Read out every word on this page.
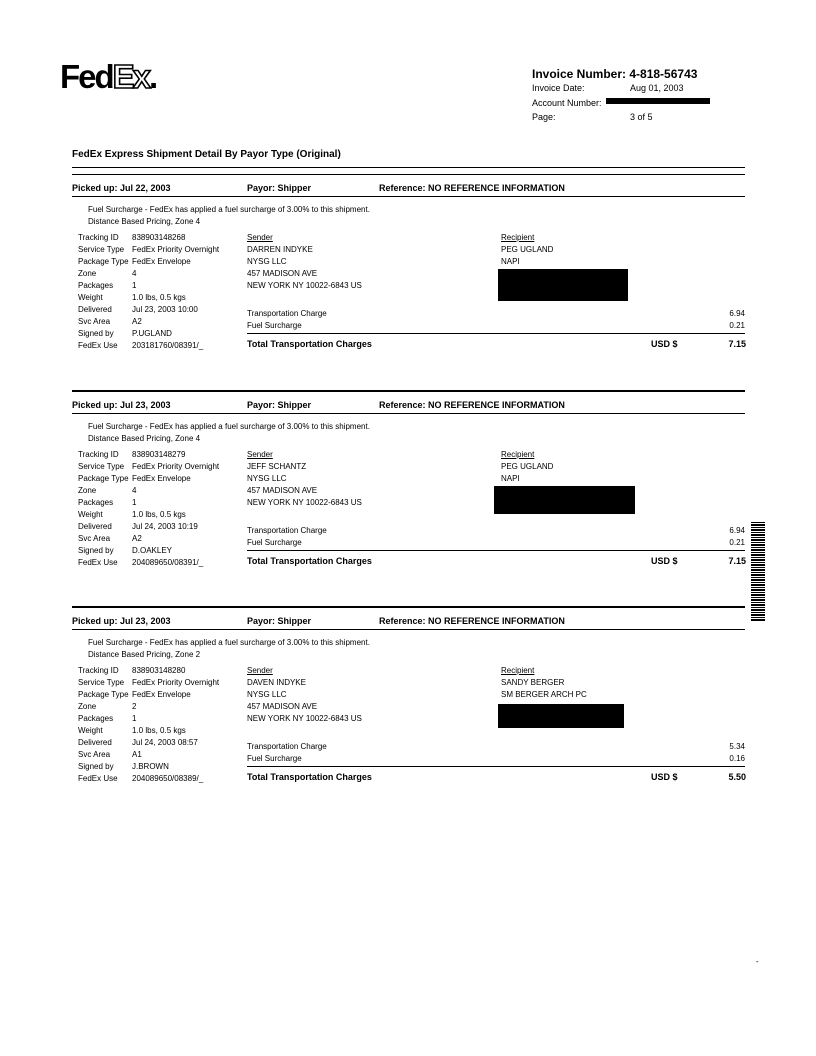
FedEx.	Invoice Number: 4-818-56743
Invoice Date:	Aug 01, 2003
Account Number:
Page:	3 of 5
FedEx Express Shipment Detail By Payor Type (Original)
Picked up: Jul 22, 2003	Payor: Shipper	Reference: NO REFERENCE INFORMATION
Fuel Surcharge - FedEx has applied a fuel surcharge of 3.00% to this shipment.
Distance Based Pricing, Zone 4
Tracking ID 838903148268
Service Type FedEx Priority Overnight
Package Type FedEx Envelope
Zone	4
Packages 1
Weight	1.0 lbs, 0.5 kgs
Delivered	Jul 23, 2003 10:00
Svc Area	A2
Signed by P.UGLAND
FedEx Use 203181760/08391/_
Sender
DARREN INDYKE
NYSG LLC
457 MADISON AVE
NEW YORK NY 10022-6843 US
Recipient
PEG UGLAND
NAPI
Transportation Charge	6.94
Fuel Surcharge	0.21
Total Transportation Charges	USD $	7.15
Picked up: Jul 23, 2003	Payor: Shipper	Reference: NO REFERENCE INFORMATION
Fuel Surcharge - FedEx has applied a fuel surcharge of 3.00% to this shipment.
Distance Based Pricing, Zone 4
Tracking ID 838903148279
Service Type FedEx Priority Overnight
Package Type FedEx Envelope
Zone	4
Packages 1
Weight	1.0 lbs, 0.5 kgs
Delivered	Jul 24, 2003 10:19
Svc Area	A2
Signed by D.OAKLEY
FedEx Use 204089650/08391/_
Sender
JEFF SCHANTZ
NYSG LLC
457 MADISON AVE
NEW YORK NY 10022-6843 US
Recipient
PEG UGLAND
NAPI
Transportation Charge	6.94
Fuel Surcharge	0.21
Total Transportation Charges	USD $	7.15
Picked up: Jul 23, 2003	Payor: Shipper	Reference: NO REFERENCE INFORMATION
Fuel Surcharge - FedEx has applied a fuel surcharge of 3.00% to this shipment.
Distance Based Pricing, Zone 2
Tracking ID 838903148280
Service Type FedEx Priority Overnight
Package Type FedEx Envelope
Zone	2
Packages 1
Weight	1.0 lbs, 0.5 kgs
Delivered	Jul 24, 2003 08:57
Svc Area	A1
Signed by J.BROWN
FedEx Use 204089650/08389/_
Sender
DAVEN INDYKE
NYSG LLC
457 MADISON AVE
NEW YORK NY 10022-6843 US
Recipient
SANDY BERGER
SM BERGER ARCH PC
Transportation Charge	5.34
Fuel Surcharge	0.16
Total Transportation Charges	USD $	5.50
-
